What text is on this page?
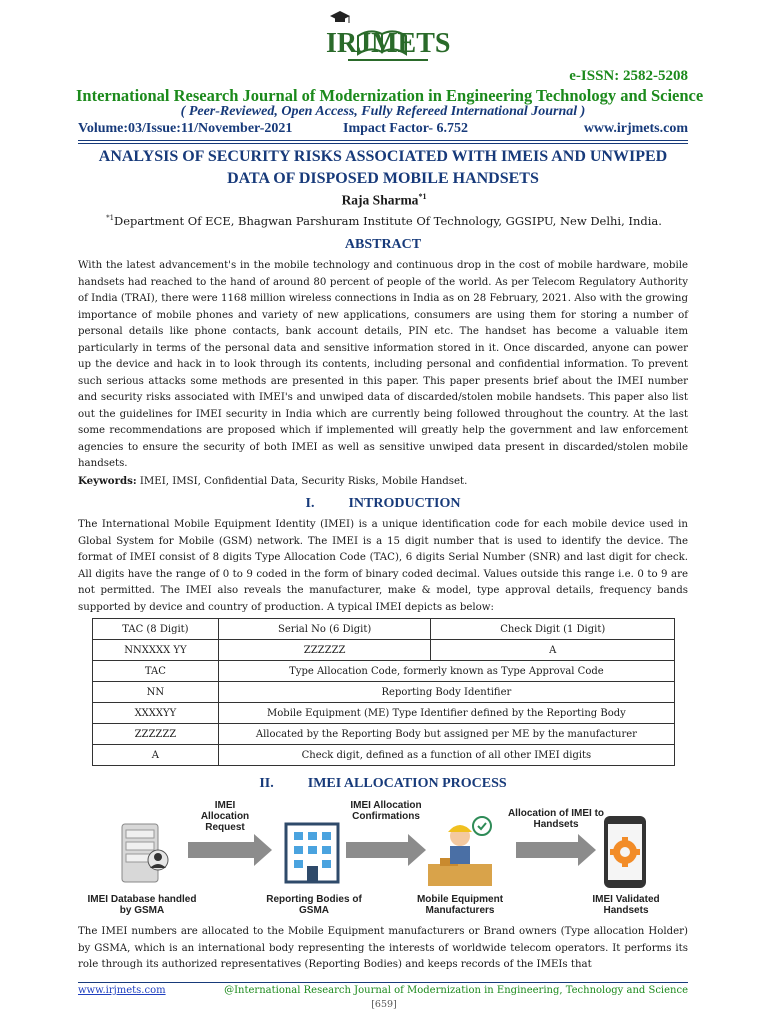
IRJMETS
e-ISSN: 2582-5208
International Research Journal of Modernization in Engineering Technology and Science
( Peer-Reviewed, Open Access, Fully Refereed International Journal )
Volume:03/Issue:11/November-2021	Impact Factor- 6.752	www.irjmets.com
ANALYSIS OF SECURITY RISKS ASSOCIATED WITH IMEIS AND UNWIPED
DATA OF DISPOSED MOBILE HANDSETS
Raja Sharma$^{*1}$
$^{*1}$Department Of ECE, Bhagwan Parshuram Institute Of Technology, GGSIPU, New Delhi, India.
ABSTRACT
With the latest advancement's in the mobile technology and continuous drop in the cost of mobile hardware, mobile handsets had reached to the hand of around 80 percent of people of the world. As per Telecom Regulatory Authority of India (TRAI), there were 1168 million wireless connections in India as on 28 February, 2021. Also with the growing importance of mobile phones and variety of new applications, consumers are using them for storing a number of personal details like phone contacts, bank account details, PIN etc. The handset has become a valuable item particularly in terms of the personal data and sensitive information stored in it. Once discarded, anyone can power up the device and hack in to look through its contents, including personal and confidential information. To prevent such serious attacks some methods are presented in this paper. This paper presents brief about the IMEI number and security risks associated with IMEI's and unwiped data of discarded/stolen mobile handsets. This paper also list out the guidelines for IMEI security in India which are currently being followed throughout the country. At the last some recommendations are proposed which if implemented will greatly help the government and law enforcement agencies to ensure the security of both IMEI as well as sensitive unwiped data present in discarded/stolen mobile handsets.
Keywords: IMEI, IMSI, Confidential Data, Security Risks, Mobile Handset.
I. INTRODUCTION
The International Mobile Equipment Identity (IMEI) is a unique identification code for each mobile device used in Global System for Mobile (GSM) network. The IMEI is a 15 digit number that is used to identify the device. The format of IMEI consist of 8 digits Type Allocation Code (TAC), 6 digits Serial Number (SNR) and last digit for check. All digits have the range of 0 to 9 coded in the form of binary coded decimal. Values outside this range i.e. 0 to 9 are not permitted. The IMEI also reveals the manufacturer, make & model, type approval details, frequency bands supported by device and country of production. A typical IMEI depicts as below:
TAC (8 Digit)	Serial No (6 Digit)	Check Digit (1 Digit)
NNXXXX YY	ZZZZZZ	A
TAC	Type Allocation Code, formerly known as Type Approval Code	
NN	Reporting Body Identifier	
XXXXYY	Mobile Equipment (ME) Type Identifier defined by the Reporting Body	
ZZZZZZ	Allocated by the Reporting Body but assigned per ME by the manufacturer	
A	Check digit, defined as a function of all other IMEI digits	
II. IMEI ALLOCATION PROCESS
IMEI Allocation Request
IMEI Allocation Confirmations	Allocation of IMEI to Handsets
IMEI Database handled by GSMA
Reporting Bodies of GSMA
Mobile Equipment Manufacturers
IMEI Validated Handsets
The IMEI numbers are allocated to the Mobile Equipment manufacturers or Brand owners (Type allocation Holder) by GSMA, which is an international body representing the interests of worldwide telecom operators. It performs its role through its authorized representatives (Reporting Bodies) and keeps records of the IMEIs that
www.irjmets.com	@International Research Journal of Modernization in Engineering, Technology and Science
[659]
